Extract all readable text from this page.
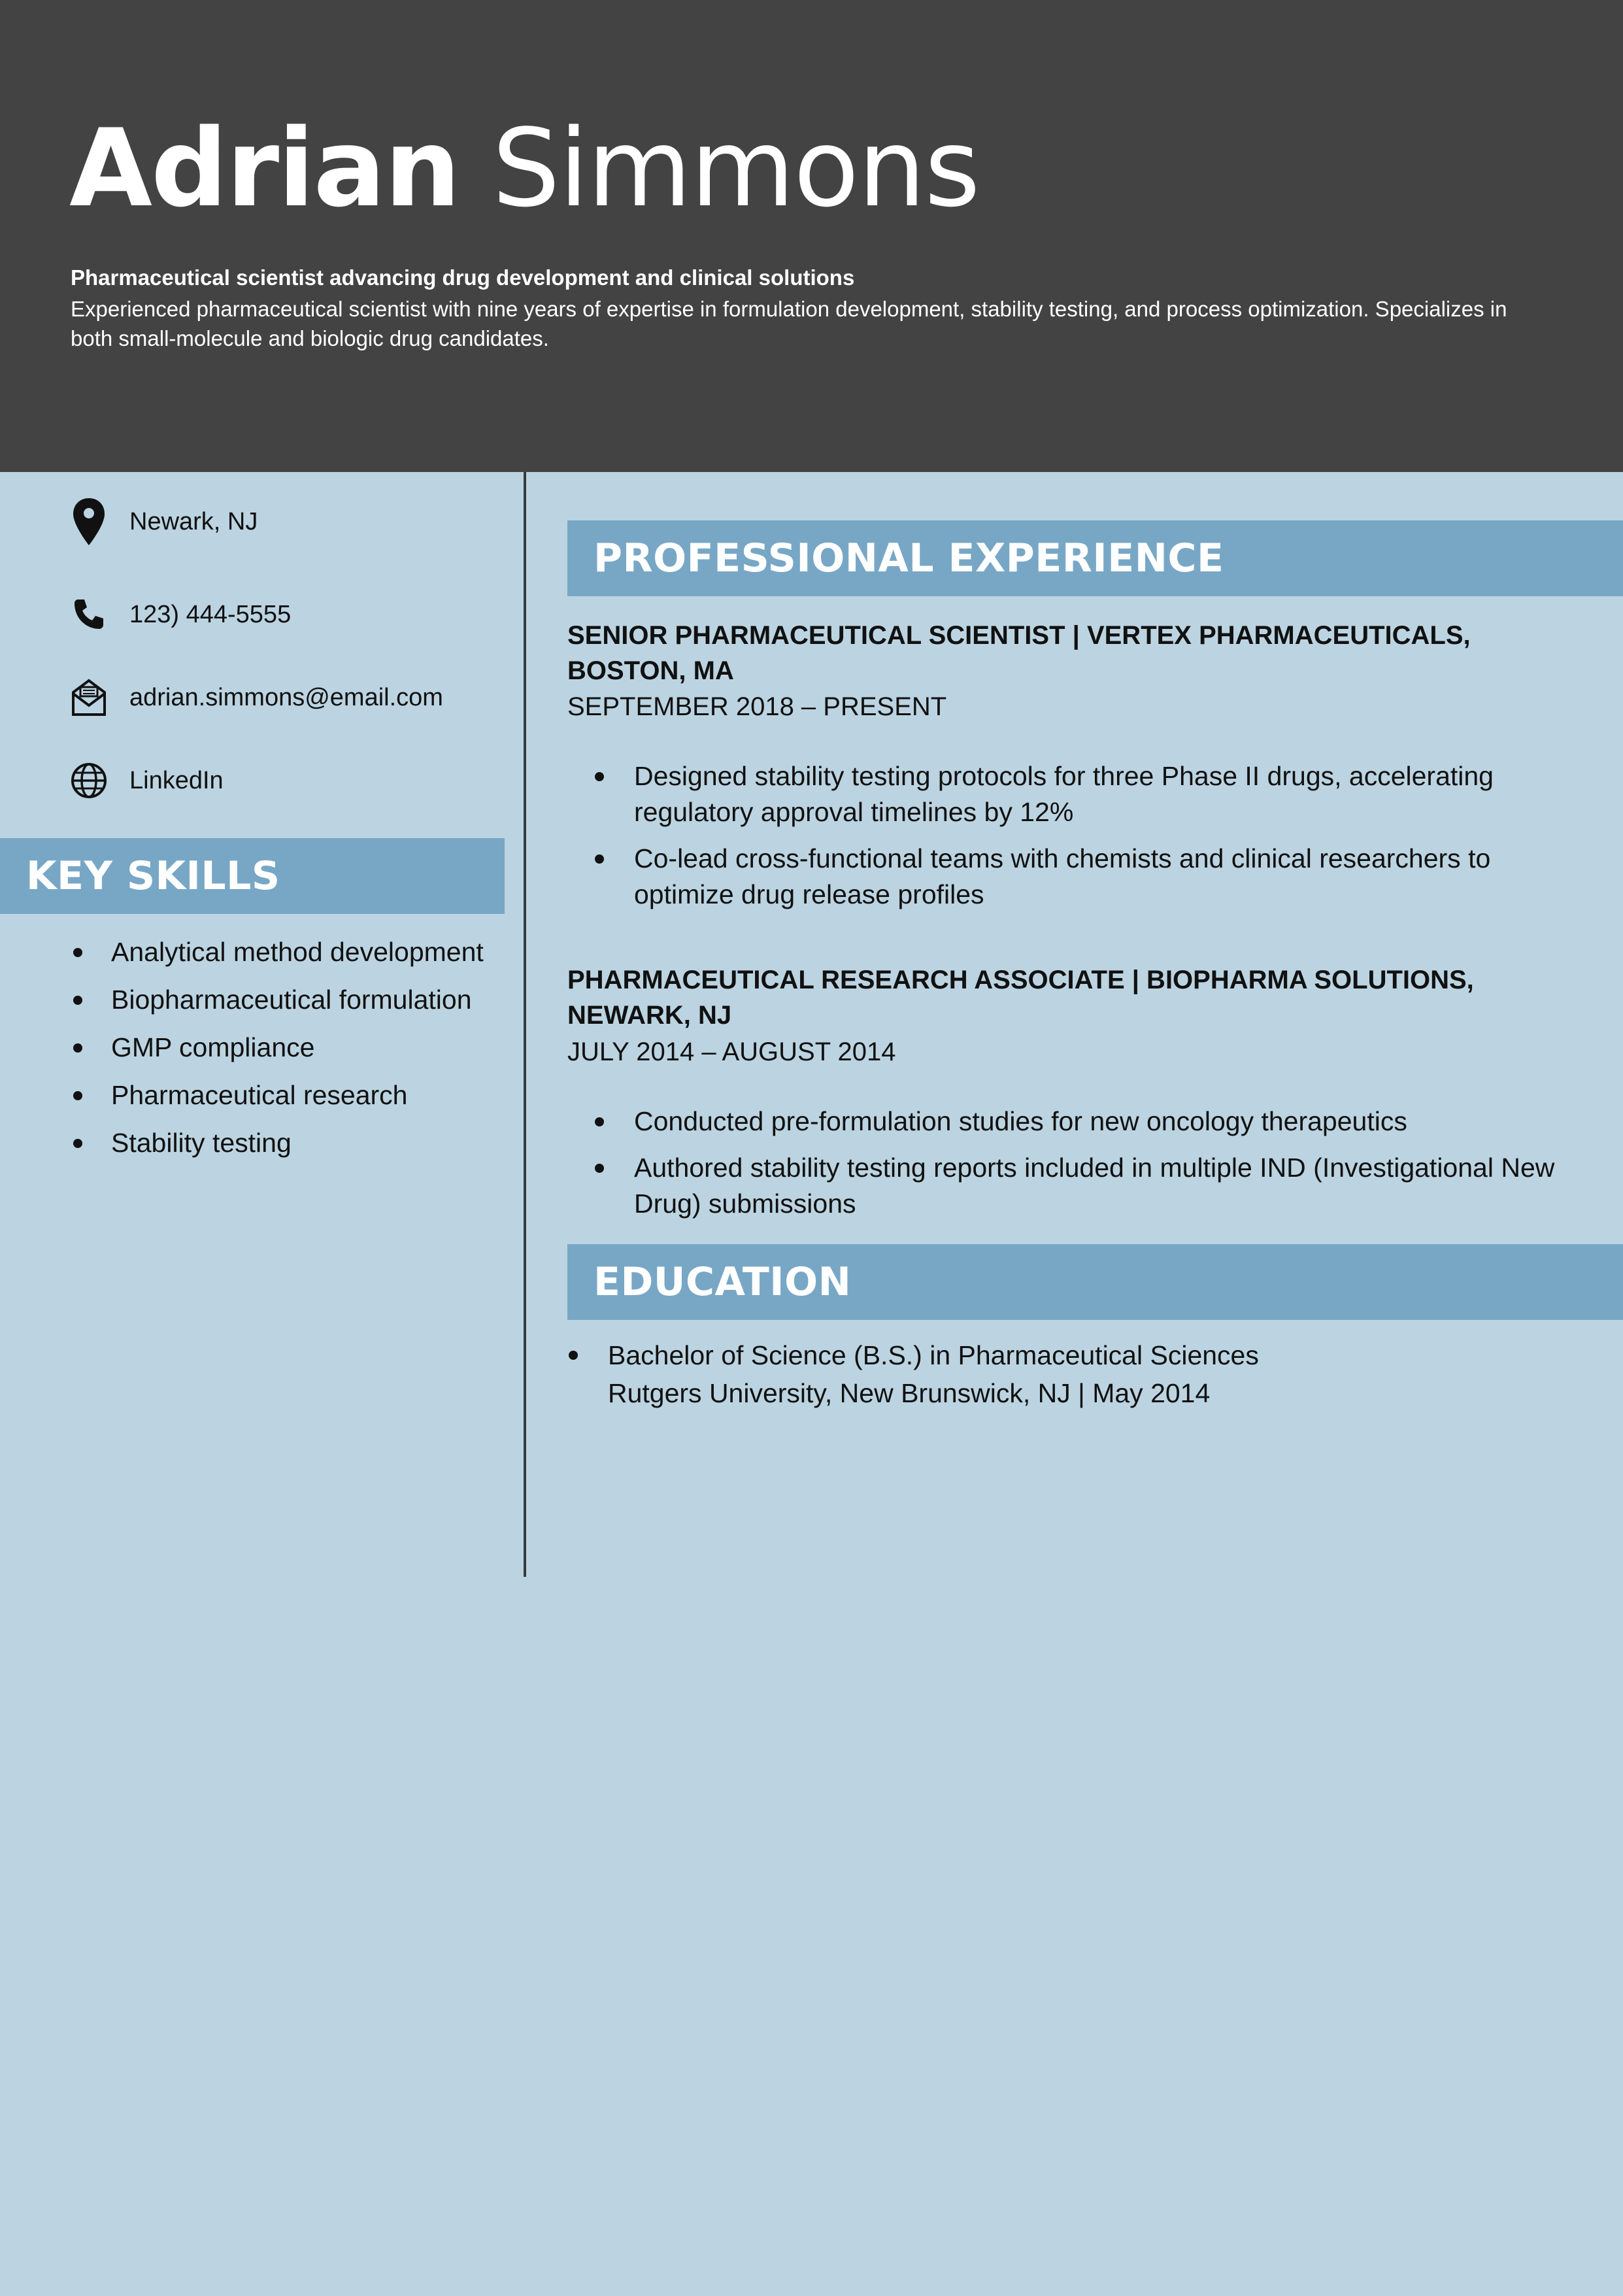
Adrian Simmons
Pharmaceutical scientist advancing drug development and clinical solutions
Experienced pharmaceutical scientist with nine years of expertise in formulation development, stability testing, and process optimization. Specializes in both small-molecule and biologic drug candidates.
Newark, NJ
123) 444-5555
adrian.simmons@email.com
LinkedIn
KEY SKILLS
Analytical method development
Biopharmaceutical formulation
GMP compliance
Pharmaceutical research
Stability testing
PROFESSIONAL EXPERIENCE
SENIOR PHARMACEUTICAL SCIENTIST | VERTEX PHARMACEUTICALS, BOSTON, MA
SEPTEMBER 2018 – PRESENT
Designed stability testing protocols for three Phase II drugs, accelerating regulatory approval timelines by 12%
Co-lead cross-functional teams with chemists and clinical researchers to optimize drug release profiles
PHARMACEUTICAL RESEARCH ASSOCIATE | BIOPHARMA SOLUTIONS, NEWARK, NJ
JULY 2014 – AUGUST 2014
Conducted pre-formulation studies for new oncology therapeutics
Authored stability testing reports included in multiple IND (Investigational New Drug) submissions
EDUCATION
Bachelor of Science (B.S.) in Pharmaceutical Sciences
Rutgers University, New Brunswick, NJ | May 2014
